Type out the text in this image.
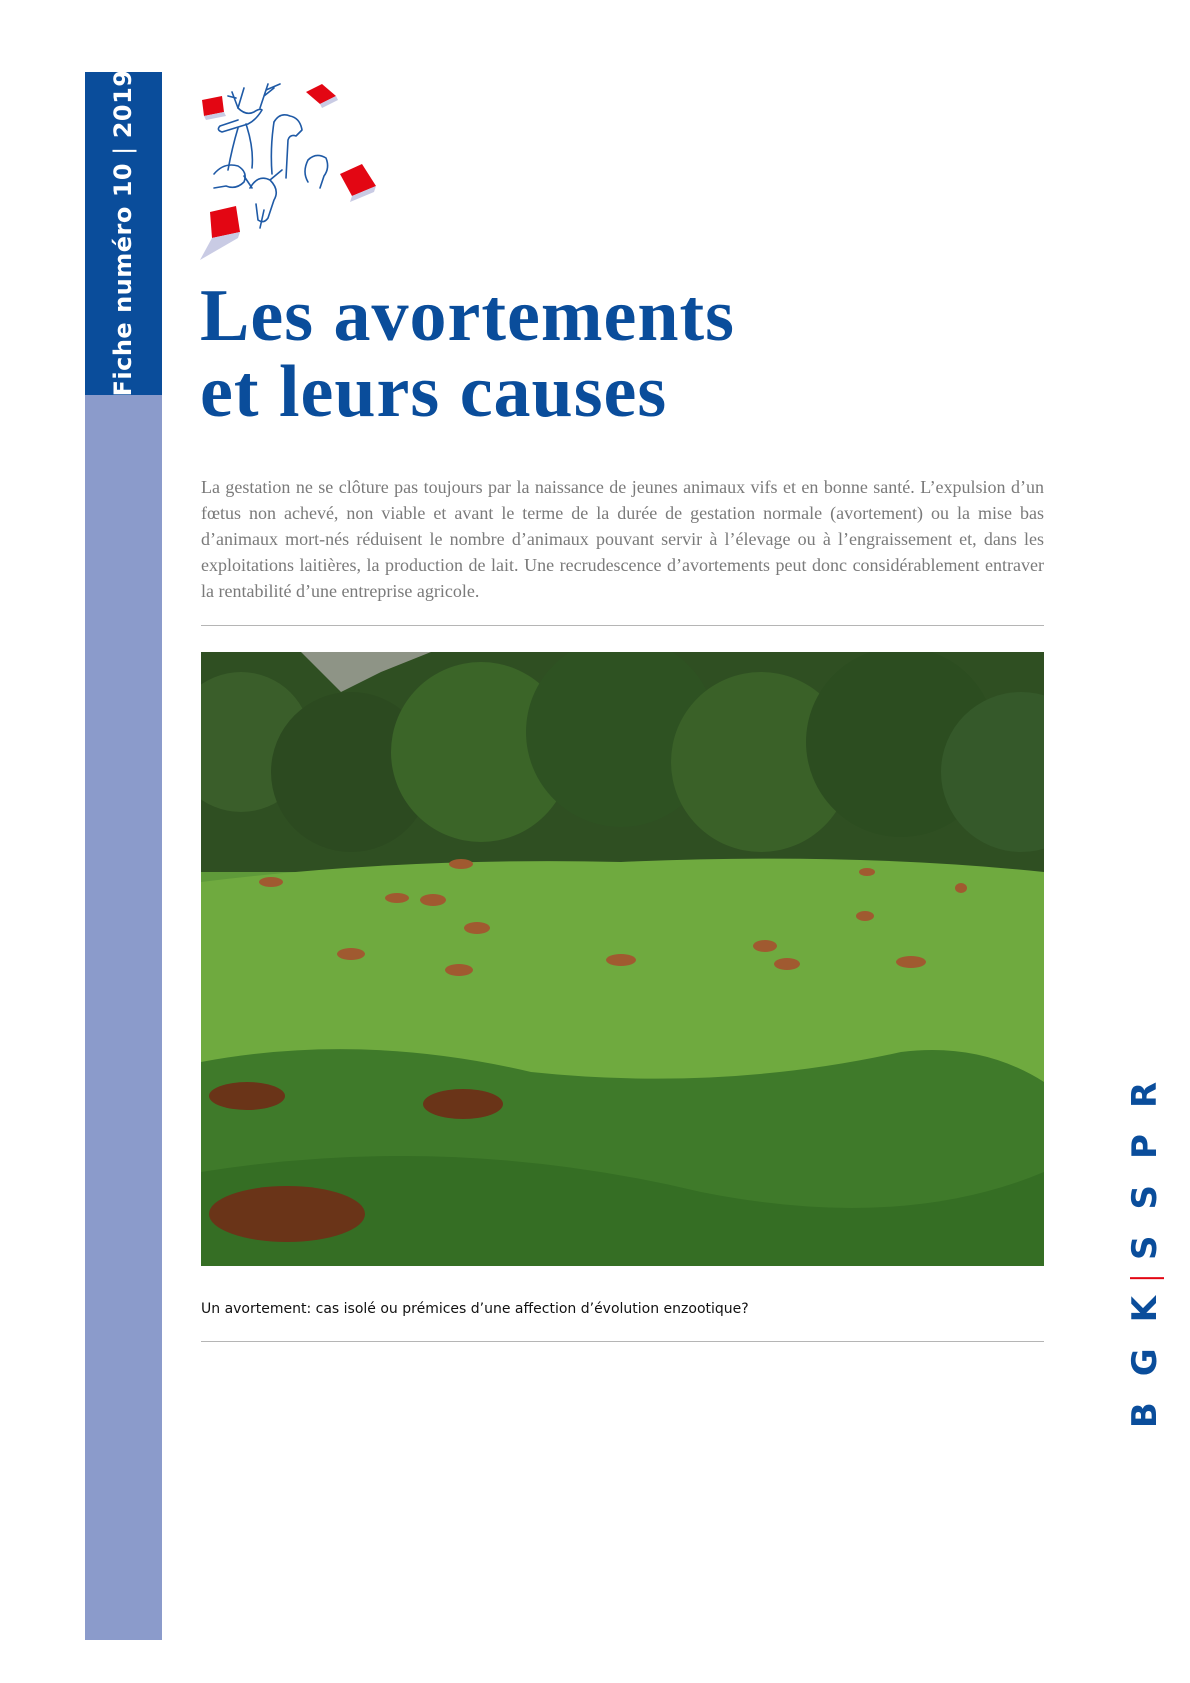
Fiche numéro 10|2019
Les avortements
et leurs causes

La gestation ne se clôture pas toujours par la naissance de jeunes animaux vifs et en bonne santé. L’expulsion d’un fœtus non achevé, non viable et avant le terme de la durée de gestation normale (avortement) ou la mise bas d’animaux mort-nés réduisent le nombre d’animaux pouvant servir à l’élevage ou à l’engraissement et, dans les exploitations laitières, la production de lait. Une recrudescence d’avortements peut donc considérablement entraver la rentabilité d’une entreprise agricole.

Un avortement: cas isolé ou prémices d’une affection d’évolution enzootique?

BGKSSPR
